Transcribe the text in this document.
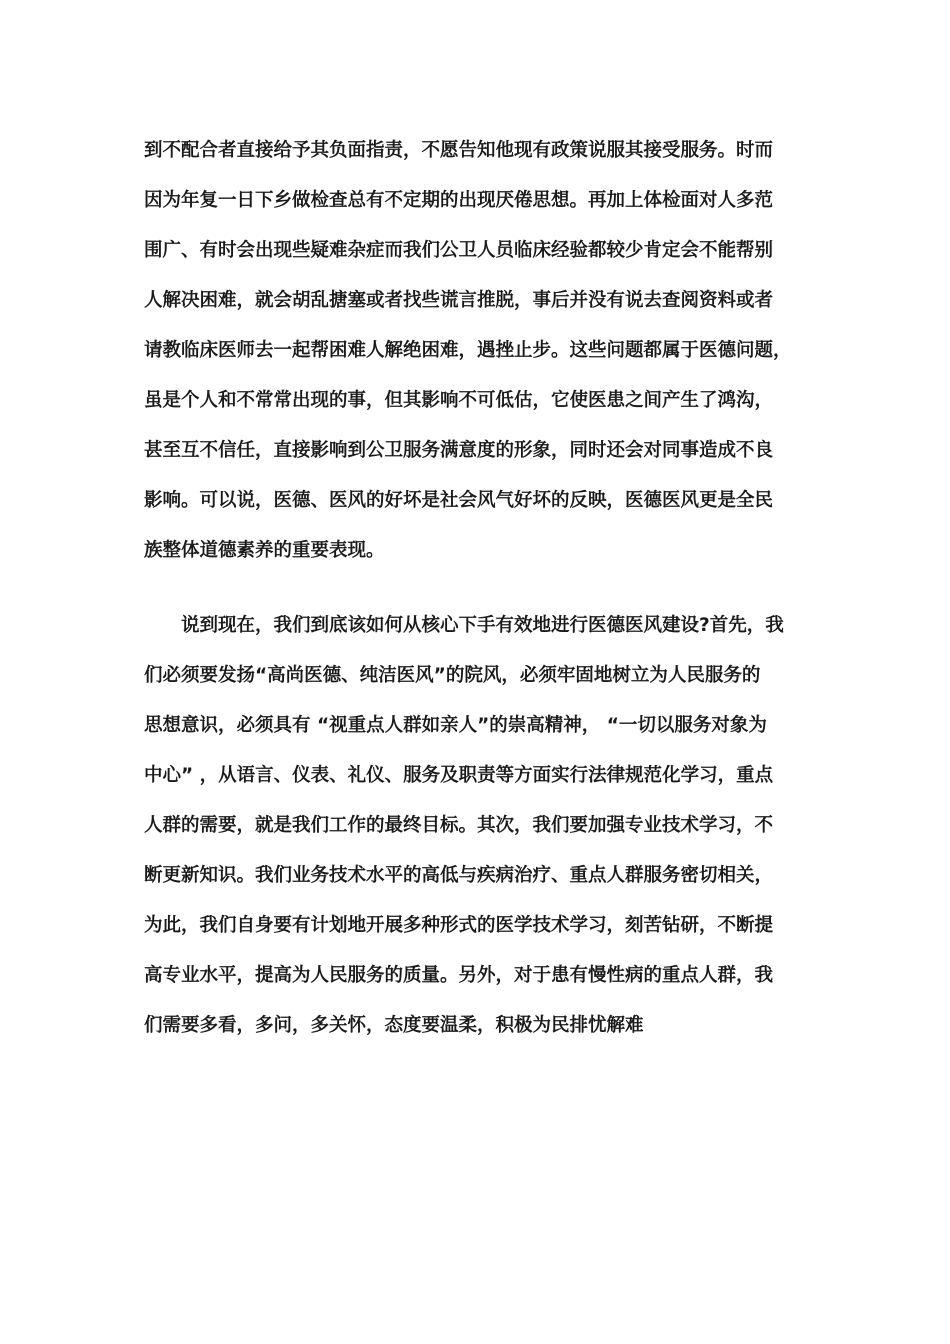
到不配合者直接给予其负面指责，不愿告知他现有政策说服其接受服务。时而
因为年复一日下乡做检查总有不定期的出现厌倦思想。再加上体检面对人多范
围广、有时会出现些疑难杂症而我们公卫人员临床经验都较少肯定会不能帮别
人解决困难，就会胡乱搪塞或者找些谎言推脱，事后并没有说去查阅资料或者
请教临床医师去一起帮困难人解绝困难，遇挫止步。这些问题都属于医德问题，
虽是个人和不常常出现的事，但其影响不可低估，它使医患之间产生了鸿沟，
甚至互不信任，直接影响到公卫服务满意度的形象，同时还会对同事造成不良
影响。可以说，医德、医风的好坏是社会风气好坏的反映，医德医风更是全民
族整体道德素养的重要表现。
说到现在，我们到底该如何从核心下手有效地进行医德医风建设?首先，我
们必须要发扬“高尚医德、纯洁医风”的院风，必须牢固地树立为人民服务的
思想意识，必须具有 “视重点人群如亲人”的崇高精神， “一切以服务对象为
中心” ，从语言、仪表、礼仪、服务及职责等方面实行法律规范化学习，重点
人群的需要，就是我们工作的最终目标。其次，我们要加强专业技术学习，不
断更新知识。我们业务技术水平的高低与疾病治疗、重点人群服务密切相关，
为此，我们自身要有计划地开展多种形式的医学技术学习，刻苦钻研，不断提
高专业水平，提高为人民服务的质量。另外，对于患有慢性病的重点人群，我
们需要多看，多问，多关怀，态度要温柔，积极为民排忧解难
